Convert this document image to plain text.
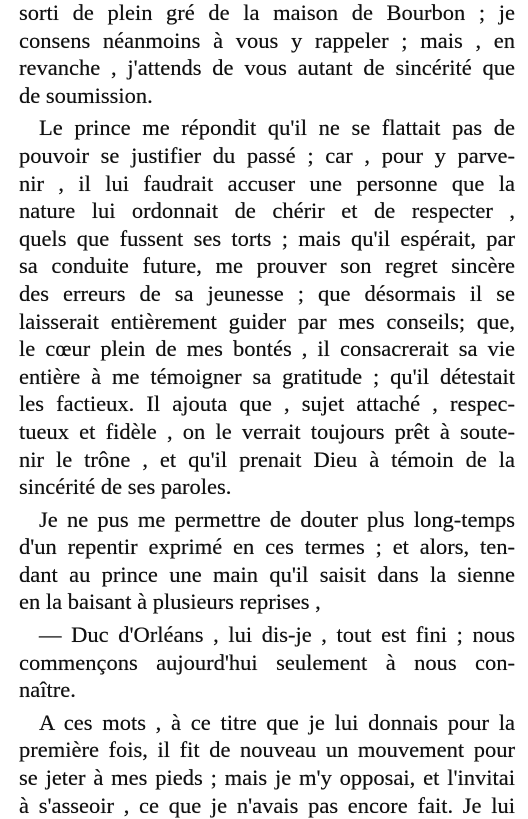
sorti de plein gré de la maison de Bourbon ; je
consens néanmoins à vous y rappeler ; mais , en
revanche , j'attends de vous autant de sincérité que
de soumission.
Le prince me répondit qu'il ne se flattait pas de
pouvoir se justifier du passé ; car , pour y parve-
nir , il lui faudrait accuser une personne que la
nature lui ordonnait de chérir et de respecter ,
quels que fussent ses torts ; mais qu'il espérait, par
sa conduite future, me prouver son regret sincère
des erreurs de sa jeunesse ; que désormais il se
laisserait entièrement guider par mes conseils; que,
le cœur plein de mes bontés , il consacrerait sa vie
entière à me témoigner sa gratitude ; qu'il détestait
les factieux. Il ajouta que , sujet attaché , respec-
tueux et fidèle , on le verrait toujours prêt à soute-
nir le trône , et qu'il prenait Dieu à témoin de la
sincérité de ses paroles.
Je ne pus me permettre de douter plus long-temps
d'un repentir exprimé en ces termes ; et alors, ten-
dant au prince une main qu'il saisit dans la sienne
en la baisant à plusieurs reprises ,
— Duc d'Orléans , lui dis-je , tout est fini ; nous
commençons aujourd'hui seulement à nous con-
naître.
A ces mots , à ce titre que je lui donnais pour la
première fois, il fit de nouveau un mouvement pour
se jeter à mes pieds ; mais je m'y opposai, et l'invitai
à s'asseoir , ce que je n'avais pas encore fait. Je lui
